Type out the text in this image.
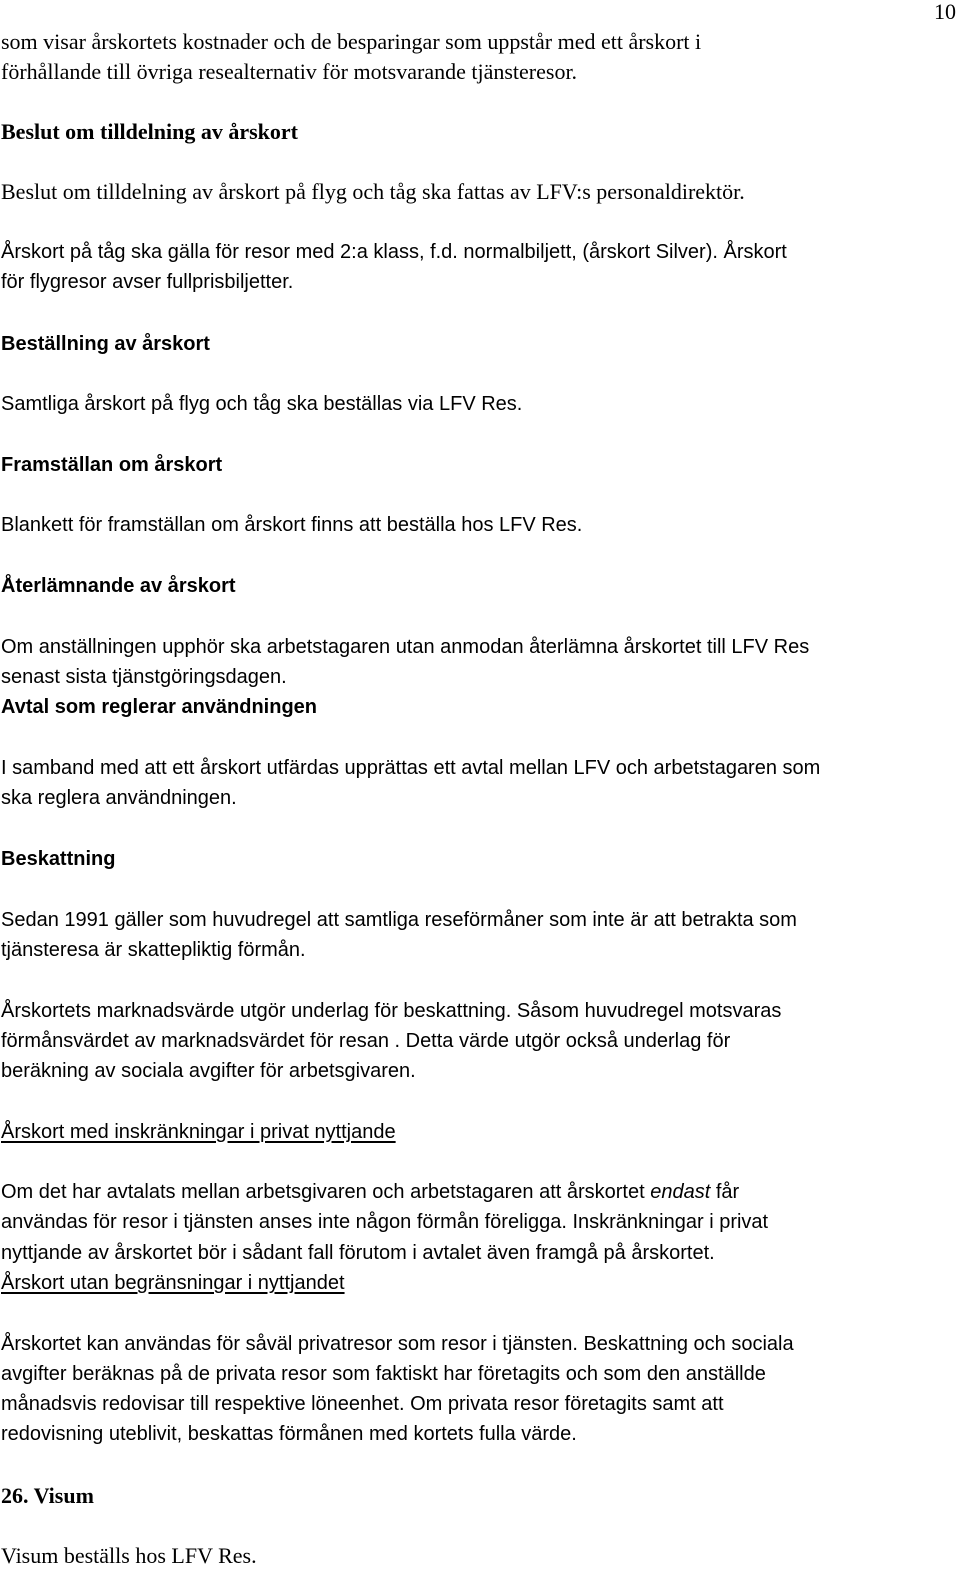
10

som visar årskortets kostnader och de besparingar som uppstår med ett årskort i

förhållande till övriga resealternativ för motsvarande tjänsteresor.

Beslut om tilldelning av årskort

Beslut om tilldelning av årskort på flyg och tåg ska fattas av LFV:s personaldirektör.

Årskort på tåg ska gälla för resor med 2:a klass, f.d. normalbiljett, (årskort Silver). Årskort

för flygresor avser fullprisbiljetter.

Beställning av årskort

Samtliga årskort på flyg och tåg ska beställas via LFV Res.

Framställan om årskort

Blankett för framställan om årskort finns att beställa hos LFV Res.

Återlämnande av årskort

Om anställningen upphör ska arbetstagaren utan anmodan återlämna årskortet till LFV Res

senast sista tjänstgöringsdagen.

Avtal som reglerar användningen

I samband med att ett årskort utfärdas upprättas ett avtal mellan LFV och arbetstagaren som

ska reglera användningen.

Beskattning

Sedan 1991 gäller som huvudregel att samtliga reseförmåner som inte är att betrakta som

tjänsteresa är skattepliktig förmån.

Årskortets marknadsvärde utgör underlag för beskattning. Såsom huvudregel motsvaras

förmånsvärdet av marknadsvärdet för resan . Detta värde utgör också underlag för

beräkning av sociala avgifter för arbetsgivaren.

Årskort med inskränkningar i privat nyttjande

Om det har avtalats mellan arbetsgivaren och arbetstagaren att årskortet endast får

användas för resor i tjänsten anses inte någon förmån föreligga. Inskränkningar i privat

nyttjande av årskortet bör i sådant fall förutom i avtalet även framgå på årskortet.

Årskort utan begränsningar i nyttjandet

Årskortet kan användas för såväl privatresor som resor i tjänsten. Beskattning och sociala

avgifter beräknas på de privata resor som faktiskt har företagits och som den anställde

månadsvis redovisar till respektive löneenhet. Om privata resor företagits samt att

redovisning uteblivit, beskattas förmånen med kortets fulla värde.

26. Visum

Visum beställs hos LFV Res.
